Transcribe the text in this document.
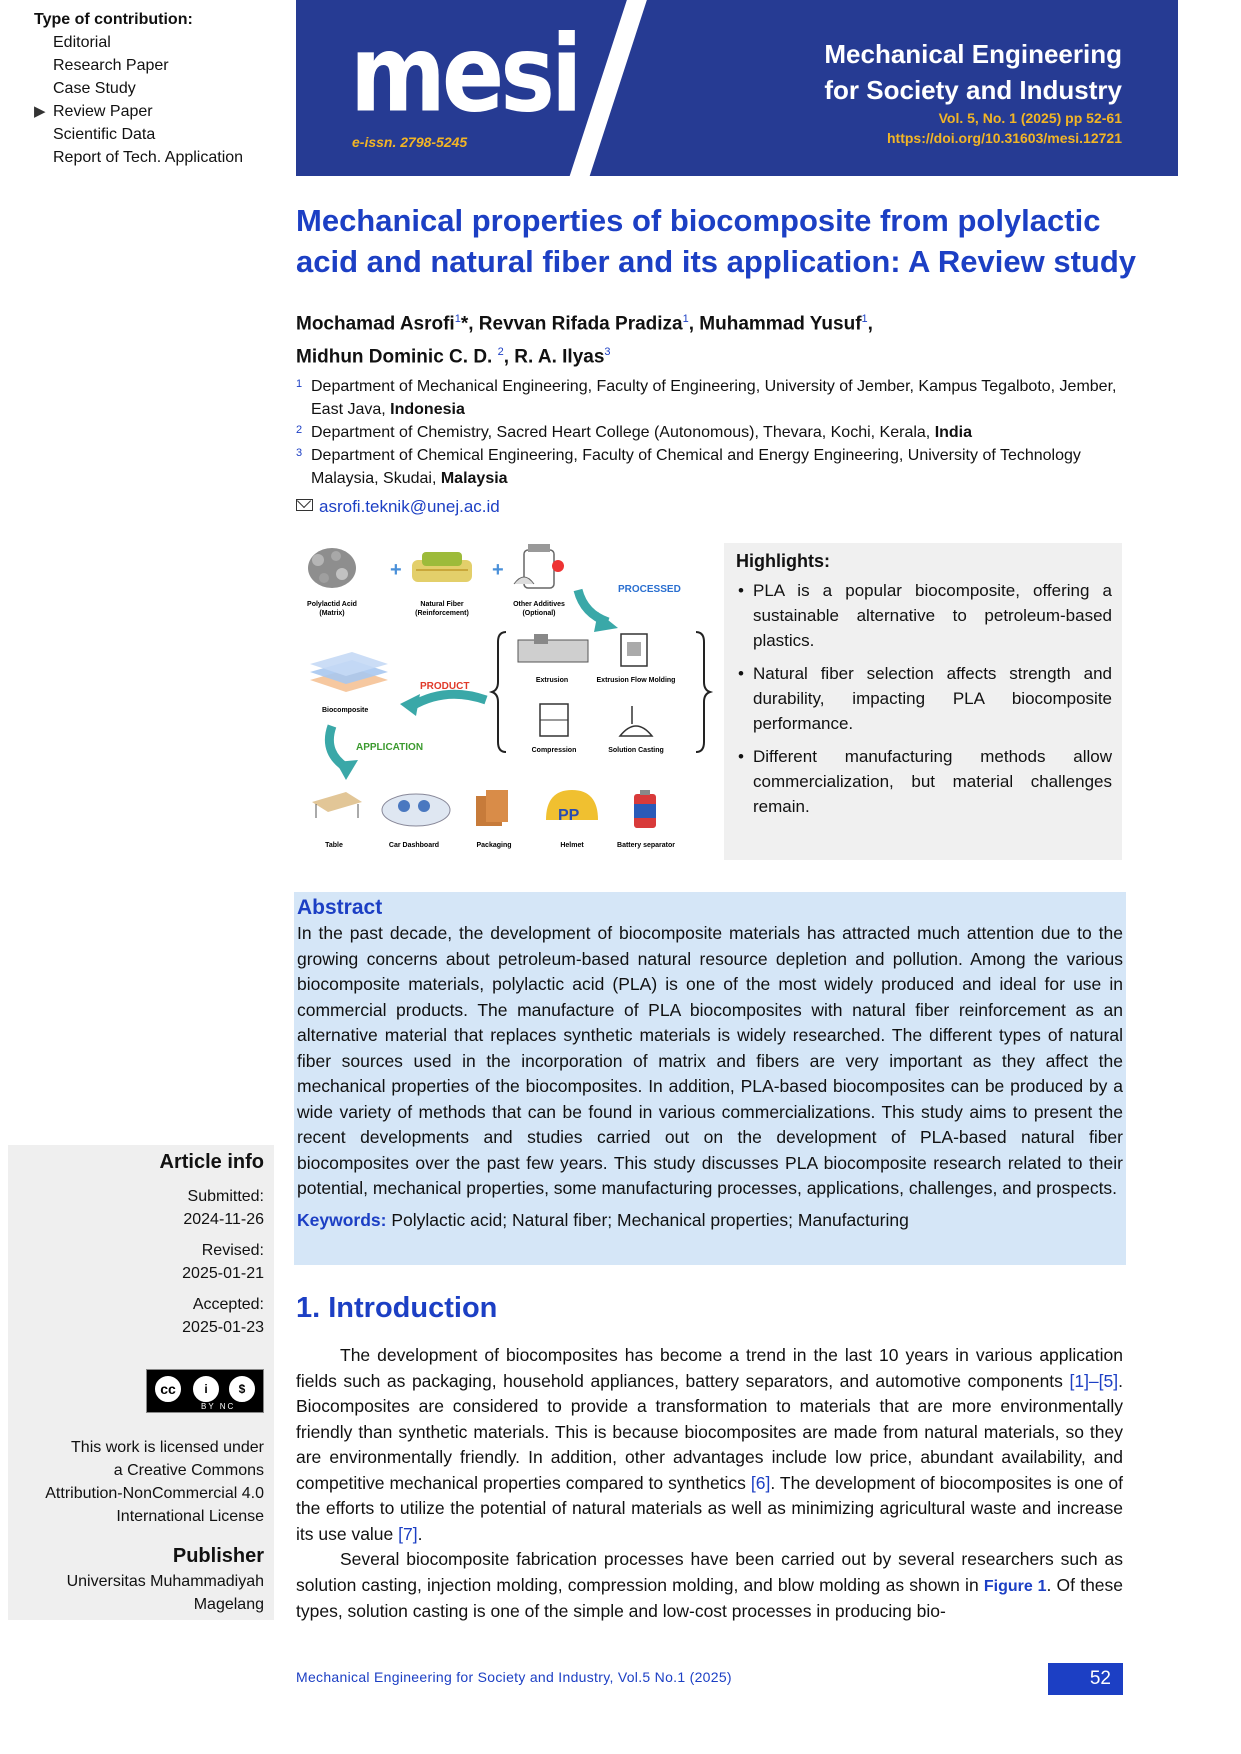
Type of contribution:
Editorial
Research Paper
Case Study
▶ Review Paper
Scientific Data
Report of Tech. Application
mesi
e-issn. 2798-5245
Mechanical Engineering
for Society and Industry
Vol. 5, No. 1 (2025) pp 52-61
https://doi.org/10.31603/mesi.12721
Mechanical properties of biocomposite from polylactic acid and natural fiber and its application: A Review study
Mochamad Asrofi$^1$*, Revvan Rifada Pradiza$^1$, Muhammad Yusuf$^1$,
Midhun Dominic C. D. $^2$, R. A. Ilyas$^3$
1 Department of Mechanical Engineering, Faculty of Engineering, University of Jember, Kampus Tegalboto, Jember, East Java, Indonesia
2 Department of Chemistry, Sacred Heart College (Autonomous), Thevara, Kochi, Kerala, India
3 Department of Chemical Engineering, Faculty of Chemical and Energy Engineering, University of Technology Malaysia, Skudai, Malaysia
asrofi.teknik@unej.ac.id
Polylactid Acid
(Matrix)
+
Natural Fiber
(Reinforcement)
+
Other Additives
(Optional)
PROCESSED
Extrusion	Extrusion Flow Molding
Compression	Solution Casting
PRODUCT
Biocomposite
APPLICATION
Table	Car Dashboard	Packaging
PP
Helmet	Battery separator
Highlights:
• PLA is a popular biocomposite, offering a sustainable alternative to petroleum-based plastics.
• Natural fiber selection affects strength and durability, impacting PLA biocomposite performance.
• Different manufacturing methods allow commercialization, but material challenges remain.
Abstract
In the past decade, the development of biocomposite materials has attracted much attention due to the growing concerns about petroleum-based natural resource depletion and pollution. Among the various biocomposite materials, polylactic acid (PLA) is one of the most widely produced and ideal for use in commercial products. The manufacture of PLA biocomposites with natural fiber reinforcement as an alternative material that replaces synthetic materials is widely researched. The different types of natural fiber sources used in the incorporation of matrix and fibers are very important as they affect the mechanical properties of the biocomposites. In addition, PLA-based biocomposites can be produced by a wide variety of methods that can be found in various commercializations. This study aims to present the recent developments and studies carried out on the development of PLA-based natural fiber biocomposites over the past few years. This study discusses PLA biocomposite research related to their potential, mechanical properties, some manufacturing processes, applications, challenges, and prospects.
Keywords: Polylactic acid; Natural fiber; Mechanical properties; Manufacturing
Article info
Submitted:
2024-11-26
Revised:
2025-01-21
Accepted:
2025-01-23
cc	i	$
BY NC
This work is licensed under
a Creative Commons
Attribution-NonCommercial 4.0
International License
Publisher
Universitas Muhammadiyah
Magelang
1. Introduction

The development of biocomposites has become a trend in the last 10 years in various application fields such as packaging, household appliances, battery separators, and automotive components [1]–[5]. Biocomposites are considered to provide a transformation to materials that are more environmentally friendly than synthetic materials. This is because biocomposites are made from natural materials, so they are environmentally friendly. In addition, other advantages include low price, abundant availability, and competitive mechanical properties compared to synthetics [6]. The development of biocomposites is one of the efforts to utilize the potential of natural materials as well as minimizing agricultural waste and increase its use value [7].

Several biocomposite fabrication processes have been carried out by several researchers such as solution casting, injection molding, compression molding, and blow molding as shown in Figure 1. Of these types, solution casting is one of the simple and low-cost processes in producing bio-

Mechanical Engineering for Society and Industry, Vol.5 No.1 (2025)	52
